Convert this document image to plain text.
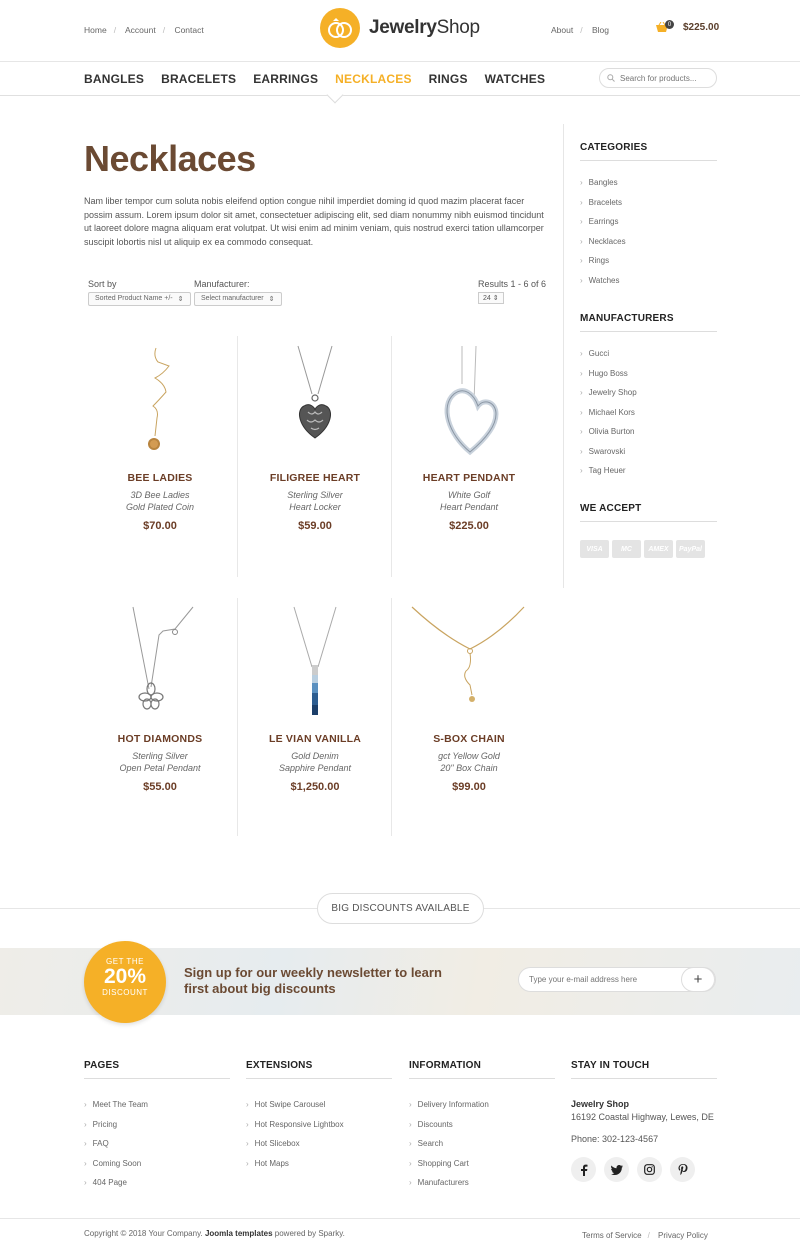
Home / Account / Contact	JewelryShop	About / Blog
0 $225.00
BANGLES BRACELETS EARRINGS NECKLACES RINGS WATCHES
Search for products...
Necklaces

Nam liber tempor cum soluta nobis eleifend option congue nihil imperdiet doming id quod mazim placerat facer possim assum. Lorem ipsum dolor sit amet, consectetuer adipiscing elit, sed diam nonummy nibh euismod tincidunt ut laoreet dolore magna aliquam erat volutpat. Ut wisi enim ad minim veniam, quis nostrud exerci tation ullamcorper suscipit lobortis nisl ut aliquip ex ea commodo consequat.

Sort by
Sorted Product Name +/- ⇕
Manufacturer:
Select manufacturer ⇕
Results 1 - 6 of 6
24 ⇕
BEE LADIES
3D Bee Ladies
Gold Plated Coin
$70.00
FILIGREE HEART
Sterling Silver
Heart Locker
$59.00
HEART PENDANT
White Golf
Heart Pendant
$225.00
HOT DIAMONDS
Sterling Silver
Open Petal Pendant
$55.00
LE VIAN VANILLA
Gold Denim
Sapphire Pendant
$1,250.00
S-BOX CHAIN
gct Yellow Gold
20" Box Chain
$99.00
CATEGORIES
› Bangles
› Bracelets
› Earrings
› Necklaces
› Rings
› Watches
MANUFACTURERS
› Gucci
› Hugo Boss
› Jewelry Shop
› Michael Kors
› Olivia Burton
› Swarovski
› Tag Heuer
WE ACCEPT
VISA	MC	AMEX	PayPal
BIG DISCOUNTS AVAILABLE
GET THE
20%
DISCOUNT
Sign up for our weekly newsletter to learn first about big discounts
Type your e-mail address here
+
PAGES
› Meet The Team
› Pricing
› FAQ
› Coming Soon
› 404 Page
EXTENSIONS
› Hot Swipe Carousel
› Hot Responsive Lightbox
› Hot Slicebox
› Hot Maps
INFORMATION
› Delivery Information
› Discounts
› Search
› Shopping Cart
› Manufacturers
STAY IN TOUCH
Jewelry Shop
16192 Coastal Highway, Lewes, DE
Phone: 302-123-4567
Copyright © 2018 Your Company. Joomla templates powered by Sparky.	Terms of Service / Privacy Policy
